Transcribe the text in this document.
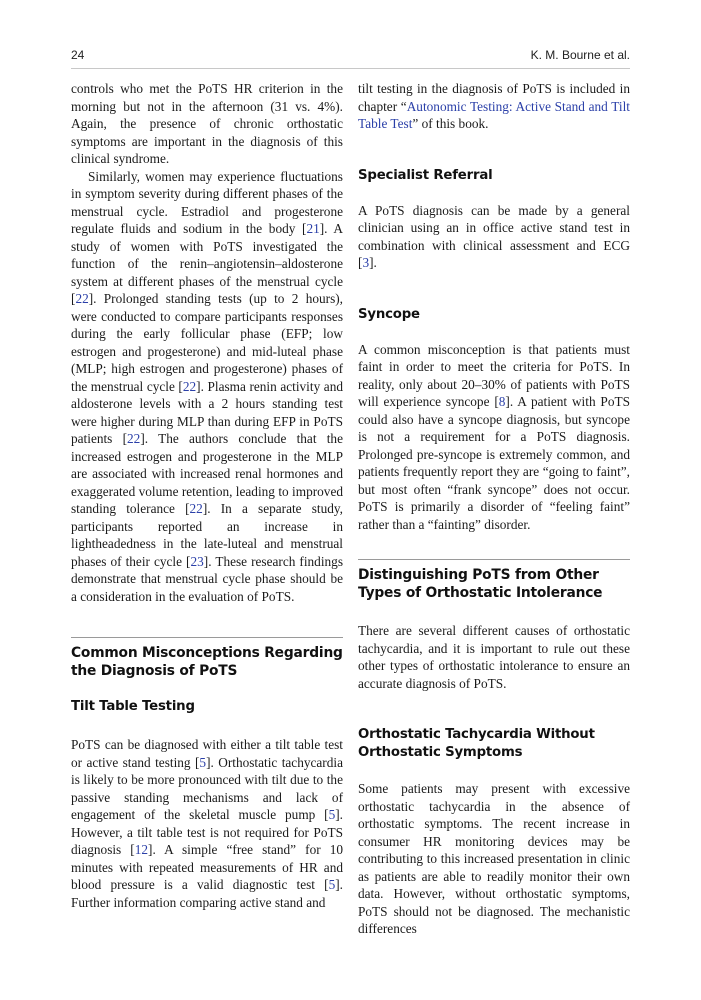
24	K. M. Bourne et al.

controls who met the PoTS HR criterion in the morning but not in the afternoon (31 vs. 4%). Again, the presence of chronic orthostatic symptoms are important in the diagnosis of this clinical syndrome.

Similarly, women may experience fluctuations in symptom severity during different phases of the menstrual cycle. Estradiol and progesterone regulate fluids and sodium in the body [21]. A study of women with PoTS investigated the function of the renin–angiotensin–aldosterone system at different phases of the menstrual cycle [22]. Prolonged standing tests (up to 2 hours), were conducted to compare participants responses during the early follicular phase (EFP; low estrogen and progesterone) and mid-luteal phase (MLP; high estrogen and progesterone) phases of the menstrual cycle [22]. Plasma renin activity and aldosterone levels with a 2 hours standing test were higher during MLP than during EFP in PoTS patients [22]. The authors conclude that the increased estrogen and progesterone in the MLP are associated with increased renal hormones and exaggerated volume retention, leading to improved standing tolerance [22]. In a separate study, participants reported an increase in lightheadedness in the late-luteal and menstrual phases of their cycle [23]. These research findings demonstrate that menstrual cycle phase should be a consideration in the evaluation of PoTS.

Common Misconceptions Regarding the Diagnosis of PoTS
Tilt Table Testing

PoTS can be diagnosed with either a tilt table test or active stand testing [5]. Orthostatic tachycardia is likely to be more pronounced with tilt due to the passive standing mechanisms and lack of engagement of the skeletal muscle pump [5]. However, a tilt table test is not required for PoTS diagnosis [12]. A simple “free stand” for 10 minutes with repeated measurements of HR and blood pressure is a valid diagnostic test [5]. Further information comparing active stand and

tilt testing in the diagnosis of PoTS is included in chapter “Autonomic Testing: Active Stand and Tilt Table Test” of this book.

Specialist Referral

A PoTS diagnosis can be made by a general clinician using an in office active stand test in combination with clinical assessment and ECG [3].

Syncope

A common misconception is that patients must faint in order to meet the criteria for PoTS. In reality, only about 20–30% of patients with PoTS will experience syncope [8]. A patient with PoTS could also have a syncope diagnosis, but syncope is not a requirement for a PoTS diagnosis. Prolonged pre-syncope is extremely common, and patients frequently report they are “going to faint”, but most often “frank syncope” does not occur. PoTS is primarily a disorder of “feeling faint” rather than a “fainting” disorder.

Distinguishing PoTS from Other Types of Orthostatic Intolerance

There are several different causes of orthostatic tachycardia, and it is important to rule out these other types of orthostatic intolerance to ensure an accurate diagnosis of PoTS.

Orthostatic Tachycardia Without Orthostatic Symptoms

Some patients may present with excessive orthostatic tachycardia in the absence of orthostatic symptoms. The recent increase in consumer HR monitoring devices may be contributing to this increased presentation in clinic as patients are able to readily monitor their own data. However, without orthostatic symptoms, PoTS should not be diagnosed. The mechanistic differences
